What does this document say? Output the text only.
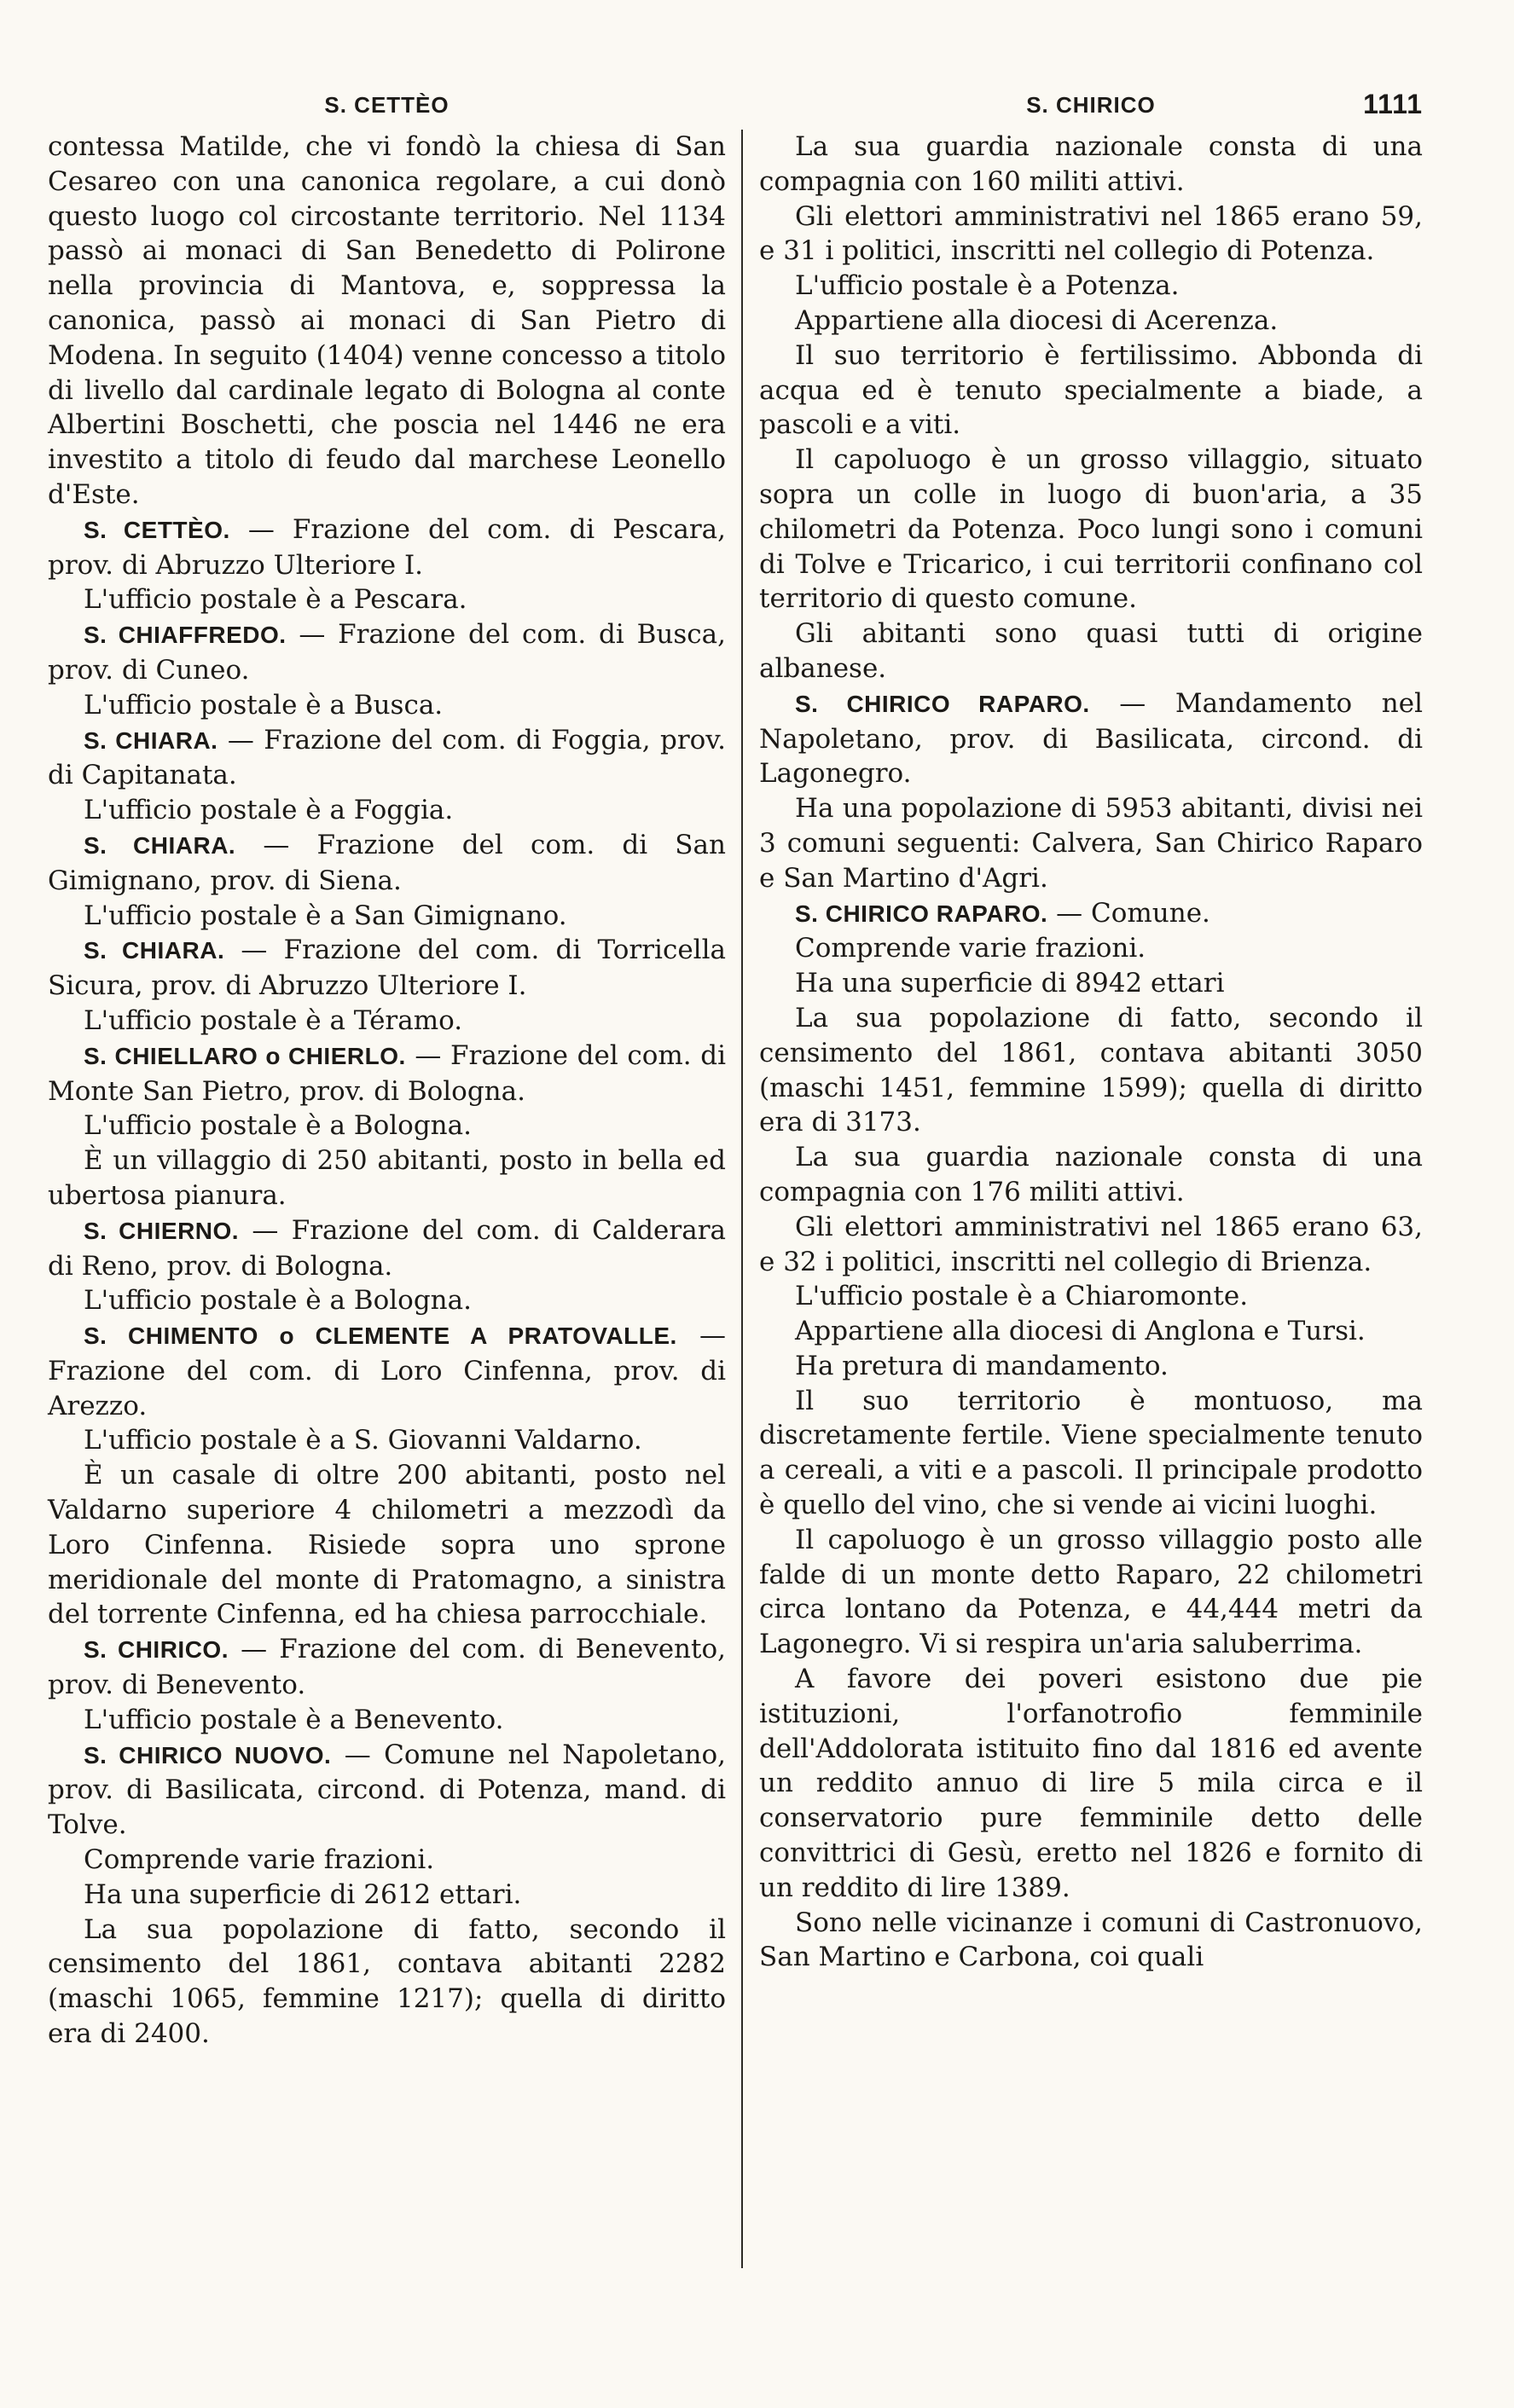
S. CETTÈO	S. CHIRICO	1111

contessa Matilde, che vi fondò la chiesa di San Cesareo con una canonica regolare, a cui donò questo luogo col circostante territorio. Nel 1134 passò ai monaci di San Benedetto di Polirone nella provincia di Mantova, e, soppressa la canonica, passò ai monaci di San Pietro di Modena. In seguito (1404) venne concesso a titolo di livello dal cardinale legato di Bologna al conte Albertini Boschetti, che poscia nel 1446 ne era investito a titolo di feudo dal marchese Leonello d'Este.

S. CETTÈO. — Frazione del com. di Pescara, prov. di Abruzzo Ulteriore I.

L'ufficio postale è a Pescara.

S. CHIAFFREDO. — Frazione del com. di Busca, prov. di Cuneo.

L'ufficio postale è a Busca.

S. CHIARA. — Frazione del com. di Foggia, prov. di Capitanata.

L'ufficio postale è a Foggia.

S. CHIARA. — Frazione del com. di San Gimignano, prov. di Siena.

L'ufficio postale è a San Gimignano.

S. CHIARA. — Frazione del com. di Torricella Sicura, prov. di Abruzzo Ulteriore I.

L'ufficio postale è a Téramo.

S. CHIELLARO o CHIERLO. — Frazione del com. di Monte San Pietro, prov. di Bologna.

L'ufficio postale è a Bologna.

È un villaggio di 250 abitanti, posto in bella ed ubertosa pianura.

S. CHIERNO. — Frazione del com. di Calderara di Reno, prov. di Bologna.

L'ufficio postale è a Bologna.

S. CHIMENTO o CLEMENTE A PRATOVALLE. — Frazione del com. di Loro Cinfenna, prov. di Arezzo.

L'ufficio postale è a S. Giovanni Valdarno.

È un casale di oltre 200 abitanti, posto nel Valdarno superiore 4 chilometri a mezzodì da Loro Cinfenna. Risiede sopra uno sprone meridionale del monte di Pratomagno, a sinistra del torrente Cinfenna, ed ha chiesa parrocchiale.

S. CHIRICO. — Frazione del com. di Benevento, prov. di Benevento.

L'ufficio postale è a Benevento.

S. CHIRICO NUOVO. — Comune nel Napoletano, prov. di Basilicata, circond. di Potenza, mand. di Tolve.

Comprende varie frazioni.

Ha una superficie di 2612 ettari.

La sua popolazione di fatto, secondo il censimento del 1861, contava abitanti 2282 (maschi 1065, femmine 1217); quella di diritto era di 2400.

La sua guardia nazionale consta di una compagnia con 160 militi attivi.

Gli elettori amministrativi nel 1865 erano 59, e 31 i politici, inscritti nel collegio di Potenza.

L'ufficio postale è a Potenza.

Appartiene alla diocesi di Acerenza.

Il suo territorio è fertilissimo. Abbonda di acqua ed è tenuto specialmente a biade, a pascoli e a viti.

Il capoluogo è un grosso villaggio, situato sopra un colle in luogo di buon'aria, a 35 chilometri da Potenza. Poco lungi sono i comuni di Tolve e Tricarico, i cui territorii confinano col territorio di questo comune.

Gli abitanti sono quasi tutti di origine albanese.

S. CHIRICO RAPARO. — Mandamento nel Napoletano, prov. di Basilicata, circond. di Lagonegro.

Ha una popolazione di 5953 abitanti, divisi nei 3 comuni seguenti: Calvera, San Chirico Raparo e San Martino d'Agri.

S. CHIRICO RAPARO. — Comune.

Comprende varie frazioni.

Ha una superficie di 8942 ettari

La sua popolazione di fatto, secondo il censimento del 1861, contava abitanti 3050 (maschi 1451, femmine 1599); quella di diritto era di 3173.

La sua guardia nazionale consta di una compagnia con 176 militi attivi.

Gli elettori amministrativi nel 1865 erano 63, e 32 i politici, inscritti nel collegio di Brienza.

L'ufficio postale è a Chiaromonte.

Appartiene alla diocesi di Anglona e Tursi.

Ha pretura di mandamento.

Il suo territorio è montuoso, ma discretamente fertile. Viene specialmente tenuto a cereali, a viti e a pascoli. Il principale prodotto è quello del vino, che si vende ai vicini luoghi.

Il capoluogo è un grosso villaggio posto alle falde di un monte detto Raparo, 22 chilometri circa lontano da Potenza, e 44,444 metri da Lagonegro. Vi si respira un'aria saluberrima.

A favore dei poveri esistono due pie istituzioni, l'orfanotrofio femminile dell'Addolorata istituito fino dal 1816 ed avente un reddito annuo di lire 5 mila circa e il conservatorio pure femminile detto delle convittrici di Gesù, eretto nel 1826 e fornito di un reddito di lire 1389.

Sono nelle vicinanze i comuni di Castronuovo, San Martino e Carbona, coi quali
